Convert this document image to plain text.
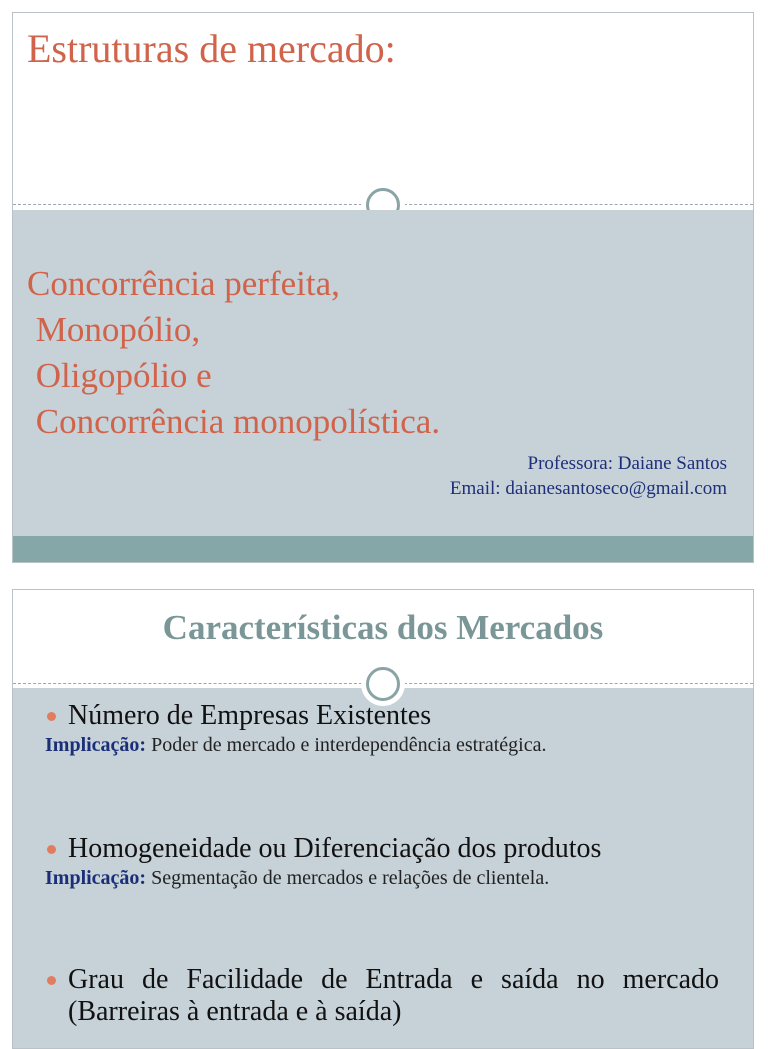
Estruturas de mercado:
Concorrência perfeita,
Monopólio,
Oligopólio e
Concorrência monopolística.
Professora: Daiane Santos
Email: daianesantoseco@gmail.com
Características dos Mercados
Número de Empresas Existentes
Implicação: Poder de mercado e interdependência estratégica.
Homogeneidade ou Diferenciação dos produtos
Implicação: Segmentação de mercados e relações de clientela.
Grau de Facilidade de Entrada e saída no mercado (Barreiras à entrada e à saída)
